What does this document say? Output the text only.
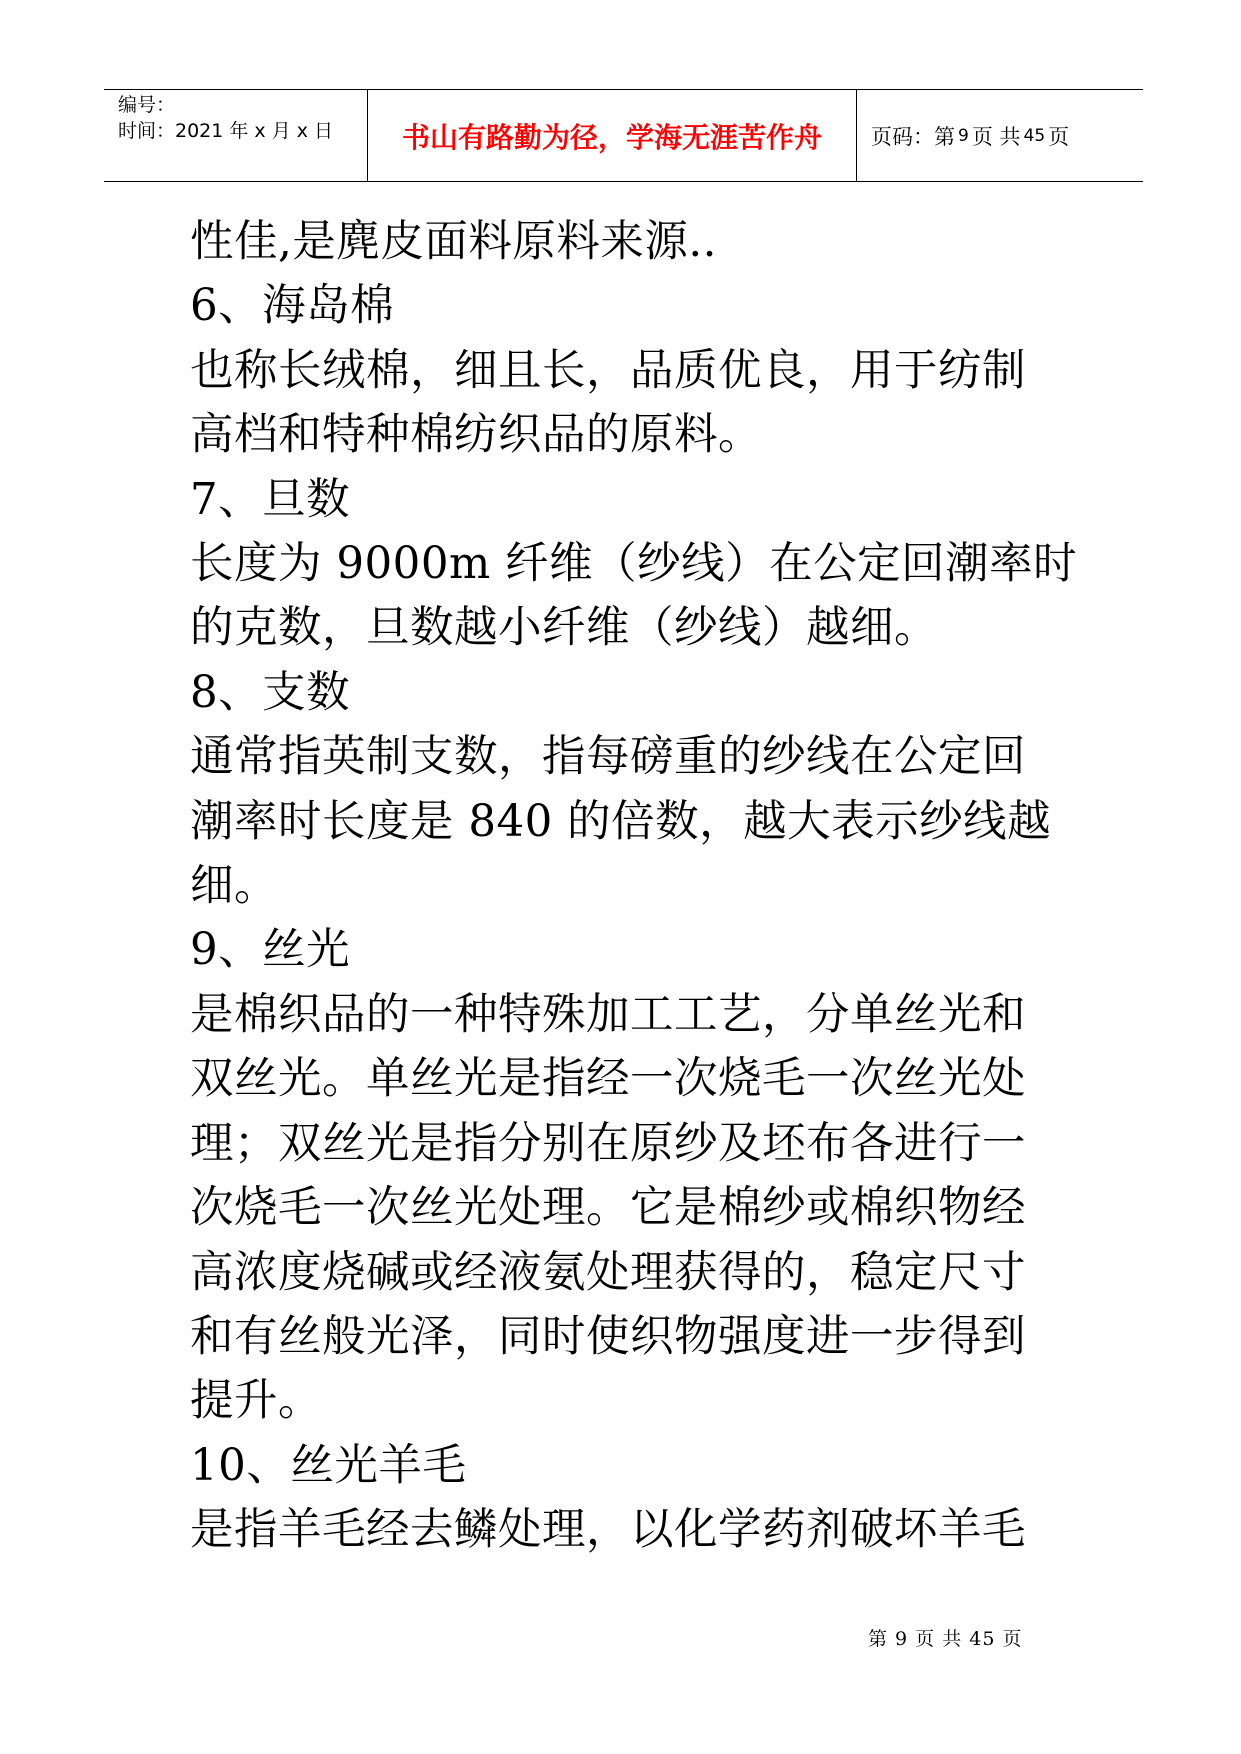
编号：
时间：2021 年 x 月 x 日	书山有路勤为径，学海无涯苦作舟	页码：第 9 页 共 45 页

性佳,是麂皮面料原料来源..

6、海岛棉

也称长绒棉，细且长，品质优良，用于纺制

高档和特种棉纺织品的原料。

7、旦数

长度为 9000m 纤维（纱线）在公定回潮率时

的克数，旦数越小纤维（纱线）越细。

8、支数

通常指英制支数，指每磅重的纱线在公定回

潮率时长度是 840 的倍数，越大表示纱线越

细。

9、丝光

是棉织品的一种特殊加工工艺，分单丝光和

双丝光。单丝光是指经一次烧毛一次丝光处

理；双丝光是指分别在原纱及坯布各进行一

次烧毛一次丝光处理。它是棉纱或棉织物经

高浓度烧碱或经液氨处理获得的，稳定尺寸

和有丝般光泽，同时使织物强度进一步得到

提升。

10、丝光羊毛

是指羊毛经去鳞处理，以化学药剂破坏羊毛

第 9 页 共 45 页
